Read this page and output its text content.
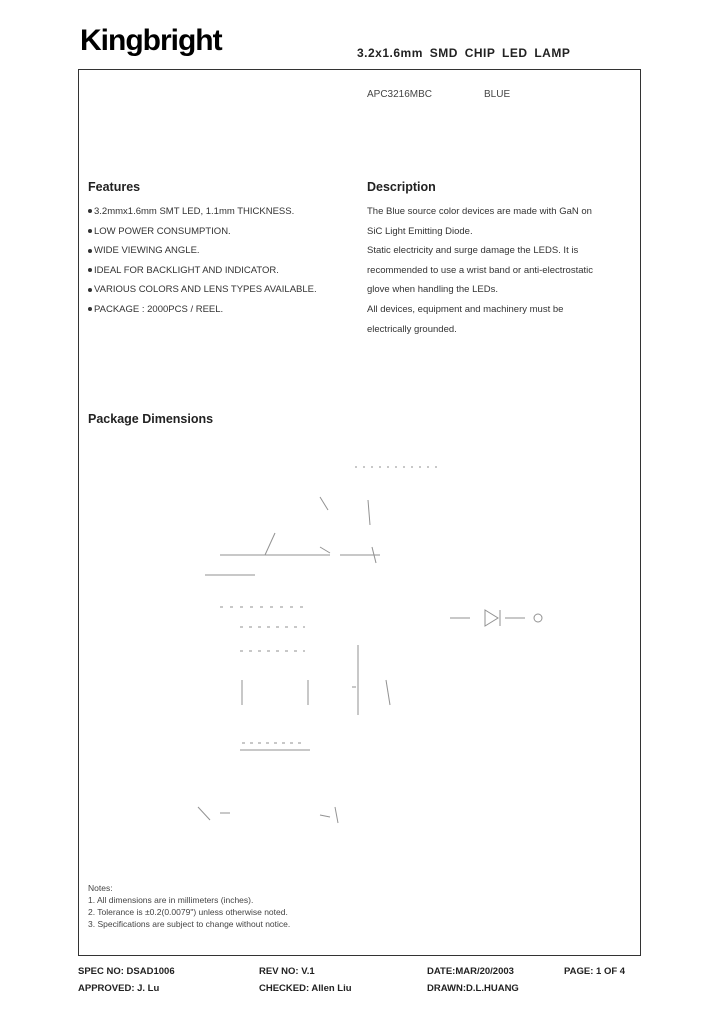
Kingbright	3.2x1.6mm SMD CHIP LED LAMP
APC3216MBC	BLUE
Features
3.2mmx1.6mm SMT LED, 1.1mm THICKNESS.
LOW POWER CONSUMPTION.
WIDE VIEWING ANGLE.
IDEAL FOR BACKLIGHT AND INDICATOR.
VARIOUS COLORS AND LENS TYPES AVAILABLE.
PACKAGE : 2000PCS / REEL.
Description

The Blue source color devices are made with GaN on

SiC Light Emitting Diode.

Static electricity and surge damage the LEDS. It is

recommended to use a wrist band or anti-electrostatic

glove when handling the LEDs.

All devices, equipment and machinery must be

electrically grounded.

Package Dimensions
Notes:
1. All dimensions are in millimeters (inches).
2. Tolerance is ±0.2(0.0079") unless otherwise noted.
3. Specifications are subject to change without notice.
SPEC NO: DSAD1006	REV NO: V.1	DATE:MAR/20/2003	PAGE: 1 OF 4
APPROVED: J. Lu	CHECKED: Allen Liu	DRAWN:D.L.HUANG
